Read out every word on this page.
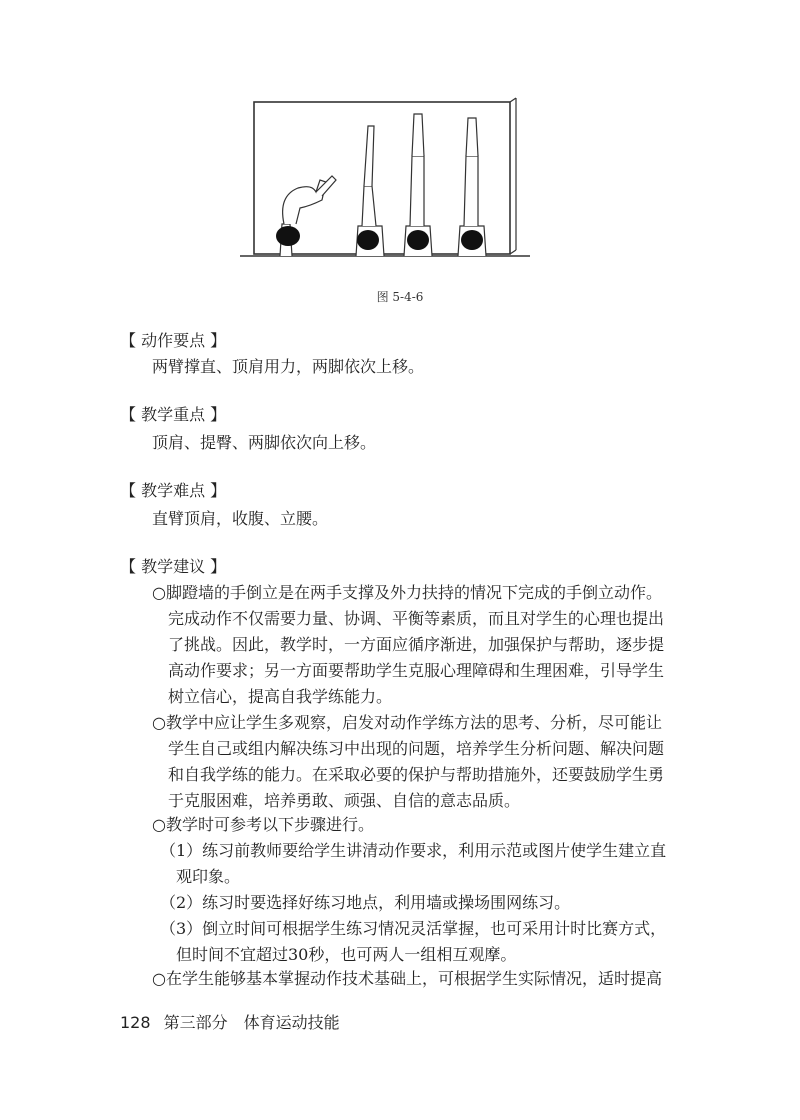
图 5-4-6
【 动作要点 】
两臂撑直、顶肩用力，两脚依次上移。
【 教学重点 】
顶肩、提臀、两脚依次向上移。
【 教学难点 】
直臂顶肩，收腹、立腰。
【 教学建议 】
○脚蹬墙的手倒立是在两手支撑及外力扶持的情况下完成的手倒立动作。
完成动作不仅需要力量、协调、平衡等素质，而且对学生的心理也提出
了挑战。因此，教学时，一方面应循序渐进，加强保护与帮助，逐步提
高动作要求；另一方面要帮助学生克服心理障碍和生理困难，引导学生
树立信心，提高自我学练能力。
○教学中应让学生多观察，启发对动作学练方法的思考、分析，尽可能让
学生自己或组内解决练习中出现的问题，培养学生分析问题、解决问题
和自我学练的能力。在采取必要的保护与帮助措施外，还要鼓励学生勇
于克服困难，培养勇敢、顽强、自信的意志品质。
○教学时可参考以下步骤进行。
（1）练习前教师要给学生讲清动作要求，利用示范或图片使学生建立直
观印象。
（2）练习时要选择好练习地点，利用墙或操场围网练习。
（3）倒立时间可根据学生练习情况灵活掌握，也可采用计时比赛方式，
但时间不宜超过30秒，也可两人一组相互观摩。
○在学生能够基本掌握动作技术基础上，可根据学生实际情况，适时提高
128 第三部分　体育运动技能
